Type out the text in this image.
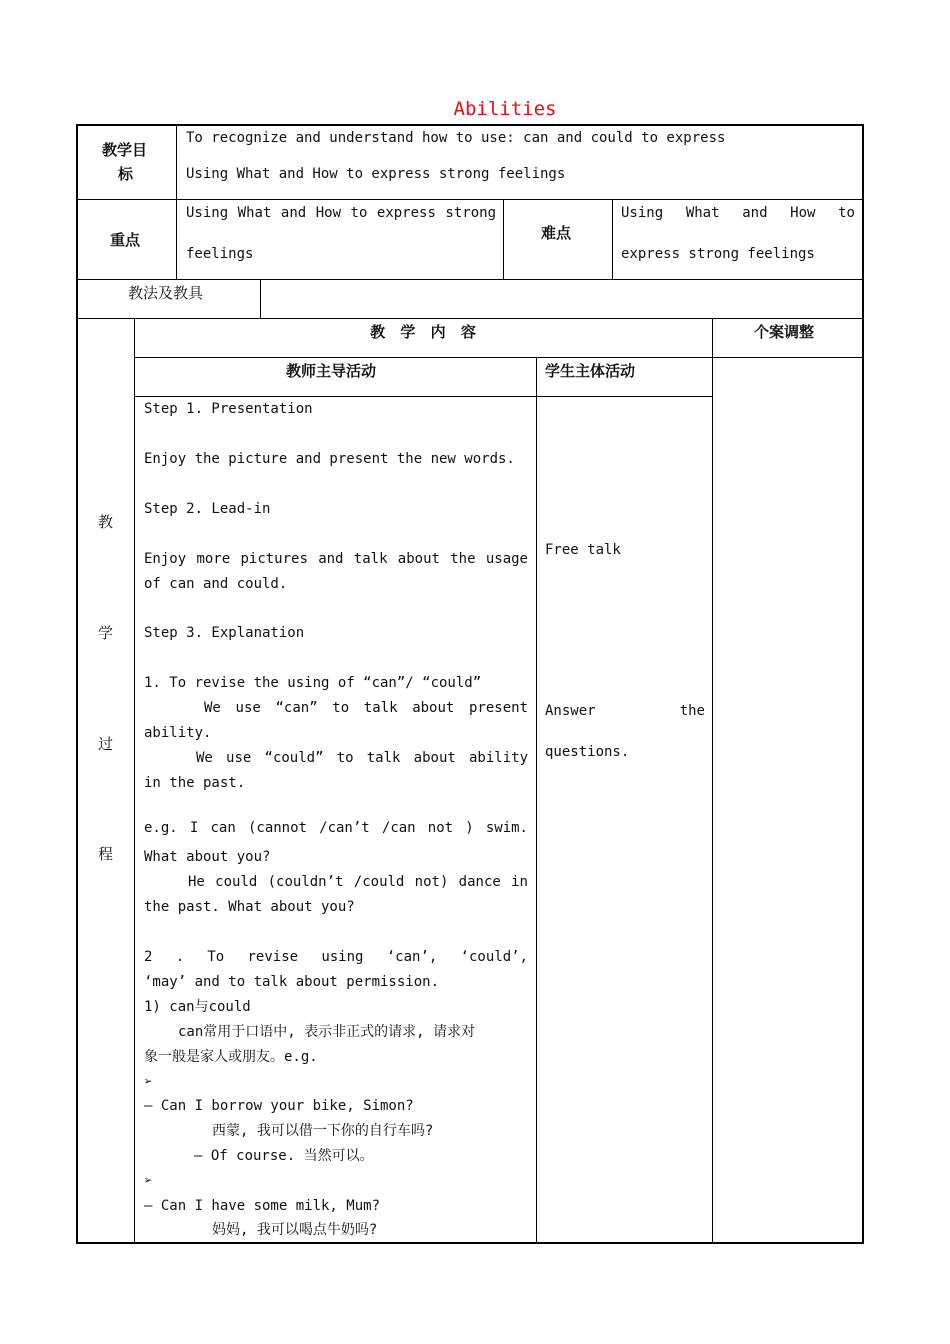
Abilities
教学目
标
To recognize and understand how to use: can and could to express
Using What and How to express strong feelings
重点
Using What and How to express strong
feelings
难点
Using What and How to
express strong feelings
教法及教具
教
学
过
程
教 学 内 容	个案调整
教师主导活动	学生主体活动
Step 1. Presentation
Enjoy the picture and present the new words.
Step 2. Lead-in
Enjoy more pictures and talk about the usage
of can and could.
Step 3. Explanation
1. To revise the using of “can”/ “could”
We use “can” to talk about present
ability.
We use “could” to talk about ability
in the past.
e.g. I can (cannot /can’t /can not ) swim.
What about you?
He could (couldn’t /could not) dance in
the past. What about you?
2 . To revise using ‘can’, ‘could’,
‘may’ and to talk about permission.
1) can与could
can常用于口语中, 表示非正式的请求, 请求对
象一般是家人或朋友。e.g.
➢
— Can I borrow your bike, Simon?
西蒙, 我可以借一下你的自行车吗?
— Of course. 当然可以。
➢
— Can I have some milk, Mum?
妈妈, 我可以喝点牛奶吗?
Free talk
Answer the
questions.
